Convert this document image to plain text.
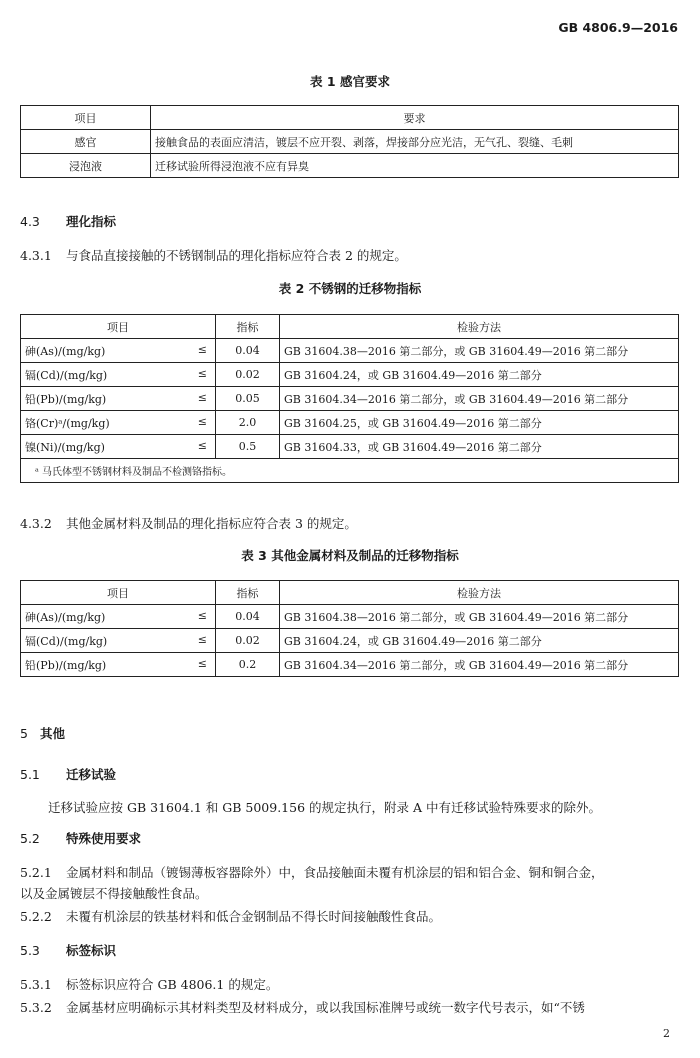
GB 4806.9—2016
表 1 感官要求
项目	要求
感官	接触食品的表面应清洁，镀层不应开裂、剥落，焊接部分应光洁，无气孔、裂缝、毛刺
浸泡液	迁移试验所得浸泡液不应有异臭
4.3 理化指标
4.3.1 与食品直接接触的不锈钢制品的理化指标应符合表 2 的规定。
表 2 不锈钢的迁移物指标
项目	指标	检验方法
砷(As)/(mg/kg) ≤	0.04	GB 31604.38—2016 第二部分，或 GB 31604.49—2016 第二部分
镉(Cd)/(mg/kg) ≤	0.02	GB 31604.24，或 GB 31604.49—2016 第二部分
铅(Pb)/(mg/kg) ≤	0.05	GB 31604.34—2016 第二部分，或 GB 31604.49—2016 第二部分
铬(Cr)ᵃ/(mg/kg) ≤	2.0	GB 31604.25，或 GB 31604.49—2016 第二部分
镍(Ni)/(mg/kg) ≤	0.5	GB 31604.33，或 GB 31604.49—2016 第二部分
ᵃ 马氏体型不锈钢材料及制品不检测铬指标。		
4.3.2 其他金属材料及制品的理化指标应符合表 3 的规定。
表 3 其他金属材料及制品的迁移物指标
项目	指标	检验方法
砷(As)/(mg/kg) ≤	0.04	GB 31604.38—2016 第二部分，或 GB 31604.49—2016 第二部分
镉(Cd)/(mg/kg) ≤	0.02	GB 31604.24，或 GB 31604.49—2016 第二部分
铅(Pb)/(mg/kg) ≤	0.2	GB 31604.34—2016 第二部分，或 GB 31604.49—2016 第二部分
5 其他
5.1 迁移试验
迁移试验应按 GB 31604.1 和 GB 5009.156 的规定执行，附录 A 中有迁移试验特殊要求的除外。
5.2 特殊使用要求
5.2.1 金属材料和制品（镀锡薄板容器除外）中，食品接触面未覆有机涂层的铝和铝合金、铜和铜合金，
以及金属镀层不得接触酸性食品。
5.2.2 未覆有机涂层的铁基材料和低合金钢制品不得长时间接触酸性食品。
5.3 标签标识
5.3.1 标签标识应符合 GB 4806.1 的规定。
5.3.2 金属基材应明确标示其材料类型及材料成分，或以我国标准牌号或统一数字代号表示，如“不锈
2
